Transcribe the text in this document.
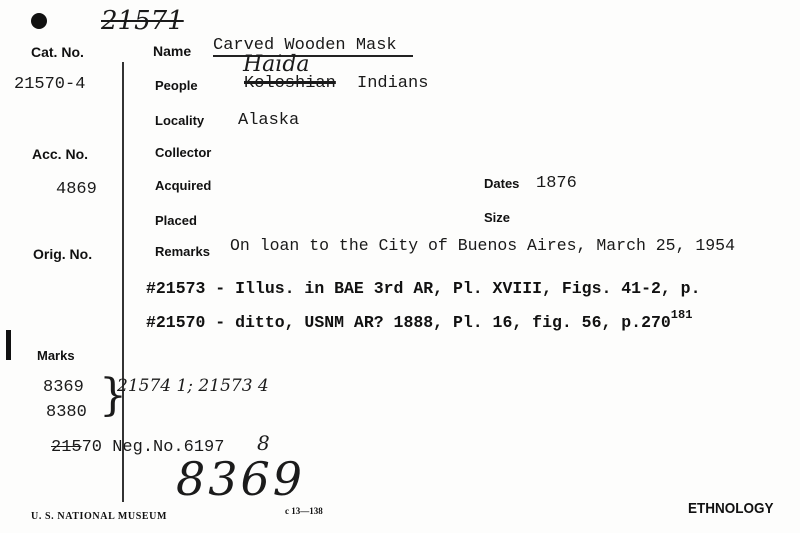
21571
Cat. No.
21570-4
Acc. No.
4869
Orig. No.
Marks
Name Carved Wooden Mask
People
Haida
Koloshian Indians
Locality Alaska
Collector
Acquired
Placed
Dates 1876
Size
Remarks On loan to the City of Buenos Aires, March 25, 1954
#21573 - Illus. in BAE 3rd AR, Pl. XVIII, Figs. 41-2, p.
#21570 - ditto, USNM AR? 1888, Pl. 16, fig. 56, p.270$^{181}$
8369
8380 }
21574 1; 21573 4
21570 Neg.No.6197 8
8369
U. S. NATIONAL MUSEUM	c 13—138	ETHNOLOGY
